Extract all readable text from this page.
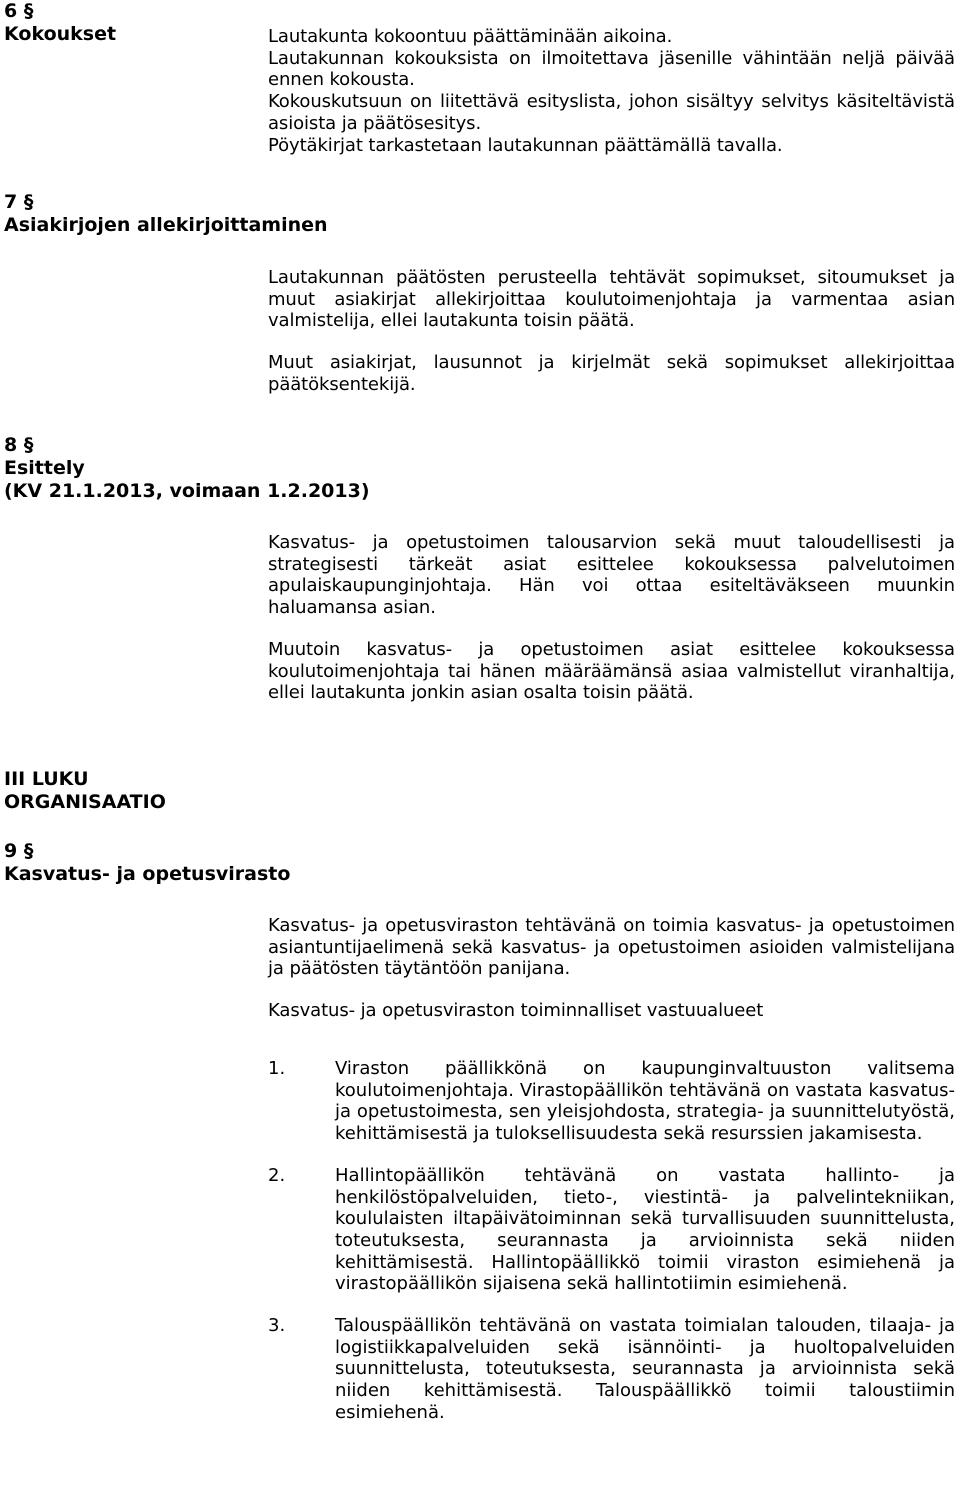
6 §
Kokoukset	Lautakunta kokoontuu päättäminään aikoina.

Lautakunnan kokouksista on ilmoitettava jäsenille vähintään neljä päivää ennen kokousta.

Kokouskutsuun on liitettävä esityslista, johon sisältyy selvitys käsiteltävistä asioista ja päätösesitys.

Pöytäkirjat tarkastetaan lautakunnan päättämällä tavalla.

7 §
Asiakirjojen allekirjoittaminen

Lautakunnan päätösten perusteella tehtävät sopimukset, sitoumukset ja muut asiakirjat allekirjoittaa koulutoimenjohtaja ja varmentaa asian valmistelija, ellei lautakunta toisin päätä.

Muut asiakirjat, lausunnot ja kirjelmät sekä sopimukset allekirjoittaa päätöksentekijä.

8 §
Esittely
(KV 21.1.2013, voimaan 1.2.2013)

Kasvatus- ja opetustoimen talousarvion sekä muut taloudellisesti ja strategisesti tärkeät asiat esittelee kokouksessa palvelutoimen apulaiskaupunginjohtaja. Hän voi ottaa esiteltäväkseen muunkin haluamansa asian.

Muutoin kasvatus- ja opetustoimen asiat esittelee kokouksessa koulutoimenjohtaja tai hänen määräämänsä asiaa valmistellut viranhaltija, ellei lautakunta jonkin asian osalta toisin päätä.

III LUKU
ORGANISAATIO
9 §
Kasvatus- ja opetusvirasto

Kasvatus- ja opetusviraston tehtävänä on toimia kasvatus- ja opetustoimen asiantuntijaelimenä sekä kasvatus- ja opetustoimen asioiden valmistelijana ja päätösten täytäntöön panijana.

Kasvatus- ja opetusviraston toiminnalliset vastuualueet

1.	Viraston päällikkönä on kaupunginvaltuuston valitsema koulutoimenjohtaja. Virastopäällikön tehtävänä on vastata kasvatus- ja opetustoimesta, sen yleisjohdosta, strategia- ja suunnittelutyöstä, kehittämisestä ja tuloksellisuudesta sekä resurssien jakamisesta.
2.	Hallintopäällikön tehtävänä on vastata hallinto- ja henkilöstöpalveluiden, tieto-, viestintä- ja palvelintekniikan, koululaisten iltapäivätoiminnan sekä turvallisuuden suunnittelusta, toteutuksesta, seurannasta ja arvioinnista sekä niiden kehittämisestä. Hallintopäällikkö toimii viraston esimiehenä ja virastopäällikön sijaisena sekä hallintotiimin esimiehenä.
3.	Talouspäällikön tehtävänä on vastata toimialan talouden, tilaaja- ja logistiikkapalveluiden sekä isännöinti- ja huoltopalveluiden suunnittelusta, toteutuksesta, seurannasta ja arvioinnista sekä niiden kehittämisestä. Talouspäällikkö toimii taloustiimin esimiehenä.
